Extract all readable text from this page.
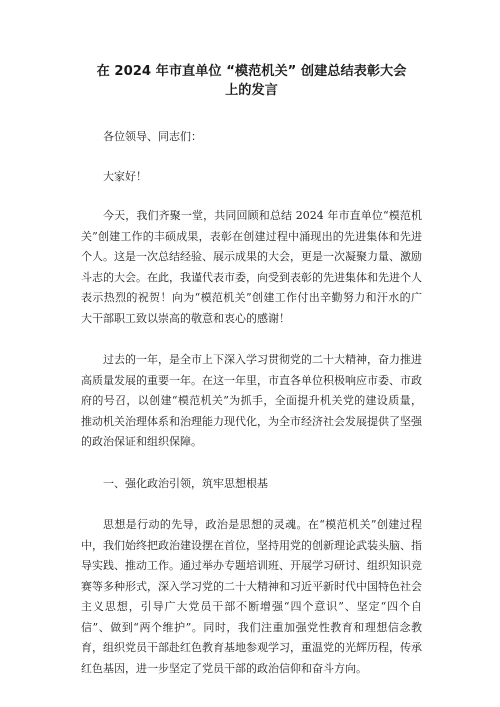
在 2024 年市直单位 “模范机关” 创建总结表彰大会
上的发言

各位领导、同志们：

大家好！

今天，我们齐聚一堂，共同回顾和总结 2024 年市直单位“模范机关”创建工作的丰硕成果，表彰在创建过程中涌现出的先进集体和先进个人。这是一次总结经验、展示成果的大会，更是一次凝聚力量、激励斗志的大会。在此，我谨代表市委，向受到表彰的先进集体和先进个人表示热烈的祝贺！向为“模范机关”创建工作付出辛勤努力和汗水的广大干部职工致以崇高的敬意和衷心的感谢！

过去的一年，是全市上下深入学习贯彻党的二十大精神，奋力推进高质量发展的重要一年。在这一年里，市直各单位积极响应市委、市政府的号召，以创建“模范机关”为抓手，全面提升机关党的建设质量，推动机关治理体系和治理能力现代化，为全市经济社会发展提供了坚强的政治保证和组织保障。

一、强化政治引领，筑牢思想根基

思想是行动的先导，政治是思想的灵魂。在“模范机关”创建过程中，我们始终把政治建设摆在首位，坚持用党的创新理论武装头脑、指导实践、推动工作。通过举办专题培训班、开展学习研讨、组织知识竞赛等多种形式，深入学习党的二十大精神和习近平新时代中国特色社会主义思想，引导广大党员干部不断增强“四个意识”、坚定“四个自信”、做到“两个维护”。同时，我们注重加强党性教育和理想信念教育，组织党员干部赴红色教育基地参观学习，重温党的光辉历程，传承红色基因，进一步坚定了党员干部的政治信仰和奋斗方向。
